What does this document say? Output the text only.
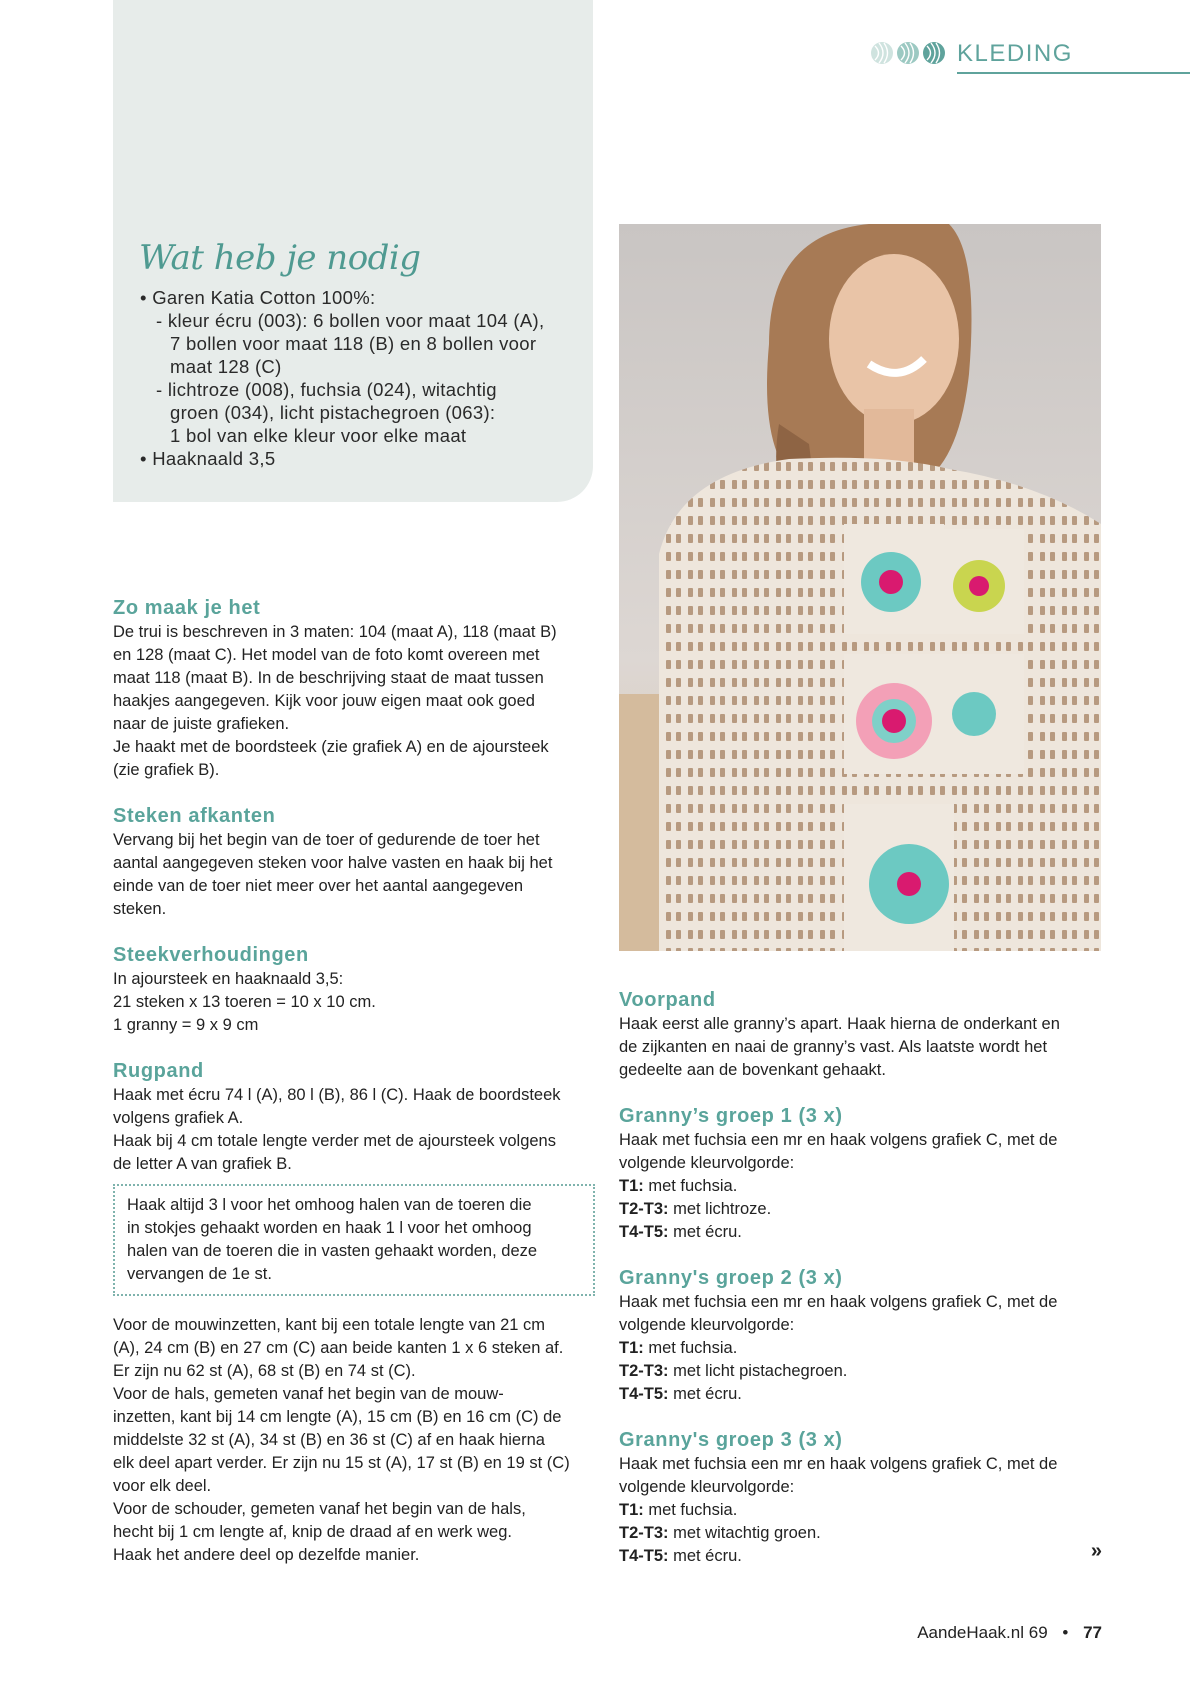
KLEDING
Wat heb je nodig
• Garen Katia Cotton 100%:
- kleur écru (003): 6 bollen voor maat 104 (A),
7 bollen voor maat 118 (B) en 8 bollen voor
maat 128 (C)
- lichtroze (008), fuchsia (024), witachtig
groen (034), licht pistachegroen (063):
1 bol van elke kleur voor elke maat
• Haaknaald 3,5
Zo maak je het
De trui is beschreven in 3 maten: 104 (maat A), 118 (maat B)
en 128 (maat C). Het model van de foto komt overeen met
maat 118 (maat B). In de beschrijving staat de maat tussen
haakjes aangegeven. Kijk voor jouw eigen maat ook goed
naar de juiste grafieken.
Je haakt met de boordsteek (zie grafiek A) en de ajoursteek
(zie grafiek B).
Steken afkanten
Vervang bij het begin van de toer of gedurende de toer het
aantal aangegeven steken voor halve vasten en haak bij het
einde van de toer niet meer over het aantal aangegeven
steken.
Steekverhoudingen
In ajoursteek en haaknaald 3,5:
21 steken x 13 toeren = 10 x 10 cm.
1 granny = 9 x 9 cm
Rugpand
Haak met écru 74 l (A), 80 l (B), 86 l (C). Haak de boordsteek
volgens grafiek A.
Haak bij 4 cm totale lengte verder met de ajoursteek volgens
de letter A van grafiek B.
Haak altijd 3 l voor het omhoog halen van de toeren die
in stokjes gehaakt worden en haak 1 l voor het omhoog
halen van de toeren die in vasten gehaakt worden, deze
vervangen de 1e st.
Voor de mouwinzetten, kant bij een totale lengte van 21 cm
(A), 24 cm (B) en 27 cm (C) aan beide kanten 1 x 6 steken af.
Er zijn nu 62 st (A), 68 st (B) en 74 st (C).
Voor de hals, gemeten vanaf het begin van de mouw-
inzetten, kant bij 14 cm lengte (A), 15 cm (B) en 16 cm (C) de
middelste 32 st (A), 34 st (B) en 36 st (C) af en haak hierna
elk deel apart verder. Er zijn nu 15 st (A), 17 st (B) en 19 st (C)
voor elk deel.
Voor de schouder, gemeten vanaf het begin van de hals,
hecht bij 1 cm lengte af, knip de draad af en werk weg.
Haak het andere deel op dezelfde manier.
Voorpand
Haak eerst alle granny’s apart. Haak hierna de onderkant en
de zijkanten en naai de granny’s vast. Als laatste wordt het
gedeelte aan de bovenkant gehaakt.
Granny’s groep 1 (3 x)
Haak met fuchsia een mr en haak volgens grafiek C, met de
volgende kleurvolgorde:
T1: met fuchsia.
T2-T3: met lichtroze.
T4-T5: met écru.
Granny's groep 2 (3 x)
Haak met fuchsia een mr en haak volgens grafiek C, met de
volgende kleurvolgorde:
T1: met fuchsia.
T2-T3: met licht pistachegroen.
T4-T5: met écru.
Granny's groep 3 (3 x)
Haak met fuchsia een mr en haak volgens grafiek C, met de
volgende kleurvolgorde:
T1: met fuchsia.
T2-T3: met witachtig groen.
T4-T5: met écru.	»
AandeHaak.nl 69 • 77
